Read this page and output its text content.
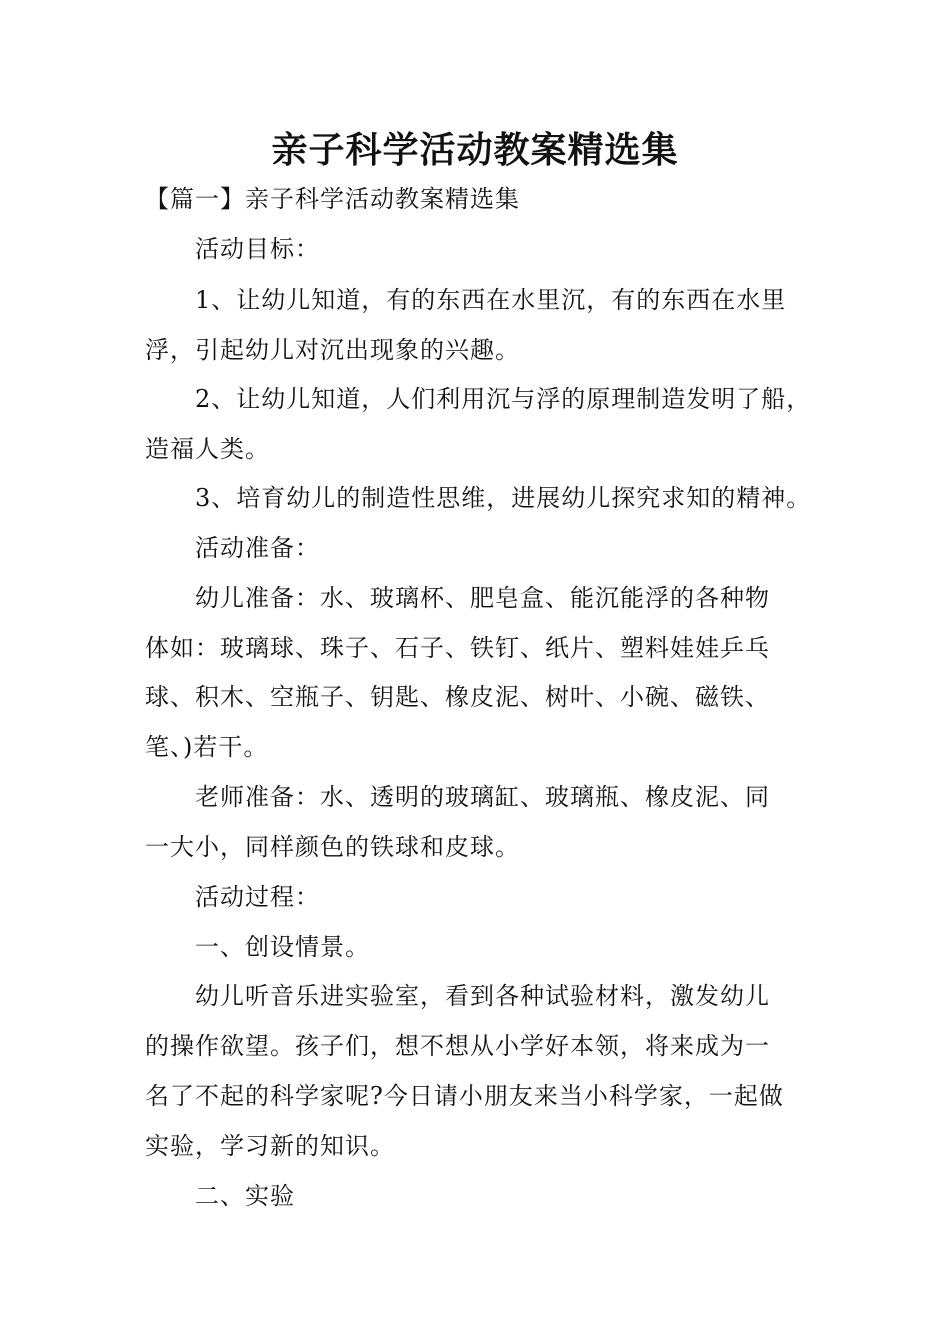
亲子科学活动教案精选集
【篇一】亲子科学活动教案精选集
活动目标：
1、让幼儿知道，有的东西在水里沉，有的东西在水里
浮，引起幼儿对沉出现象的兴趣。
2、让幼儿知道，人们利用沉与浮的原理制造发明了船，
造福人类。
3、培育幼儿的制造性思维，进展幼儿探究求知的精神。
活动准备：
幼儿准备：水、玻璃杯、肥皂盒、能沉能浮的各种物
体如：玻璃球、珠子、石子、铁钉、纸片、塑料娃娃乒乓
球、积木、空瓶子、钥匙、橡皮泥、树叶、小碗、磁铁、
笔、)若干。
老师准备：水、透明的玻璃缸、玻璃瓶、橡皮泥、同
一大小，同样颜色的铁球和皮球。
活动过程：
一、创设情景。
幼儿听音乐进实验室，看到各种试验材料，激发幼儿
的操作欲望。孩子们，想不想从小学好本领，将来成为一
名了不起的科学家呢?今日请小朋友来当小科学家，一起做
实验，学习新的知识。
二、实验
